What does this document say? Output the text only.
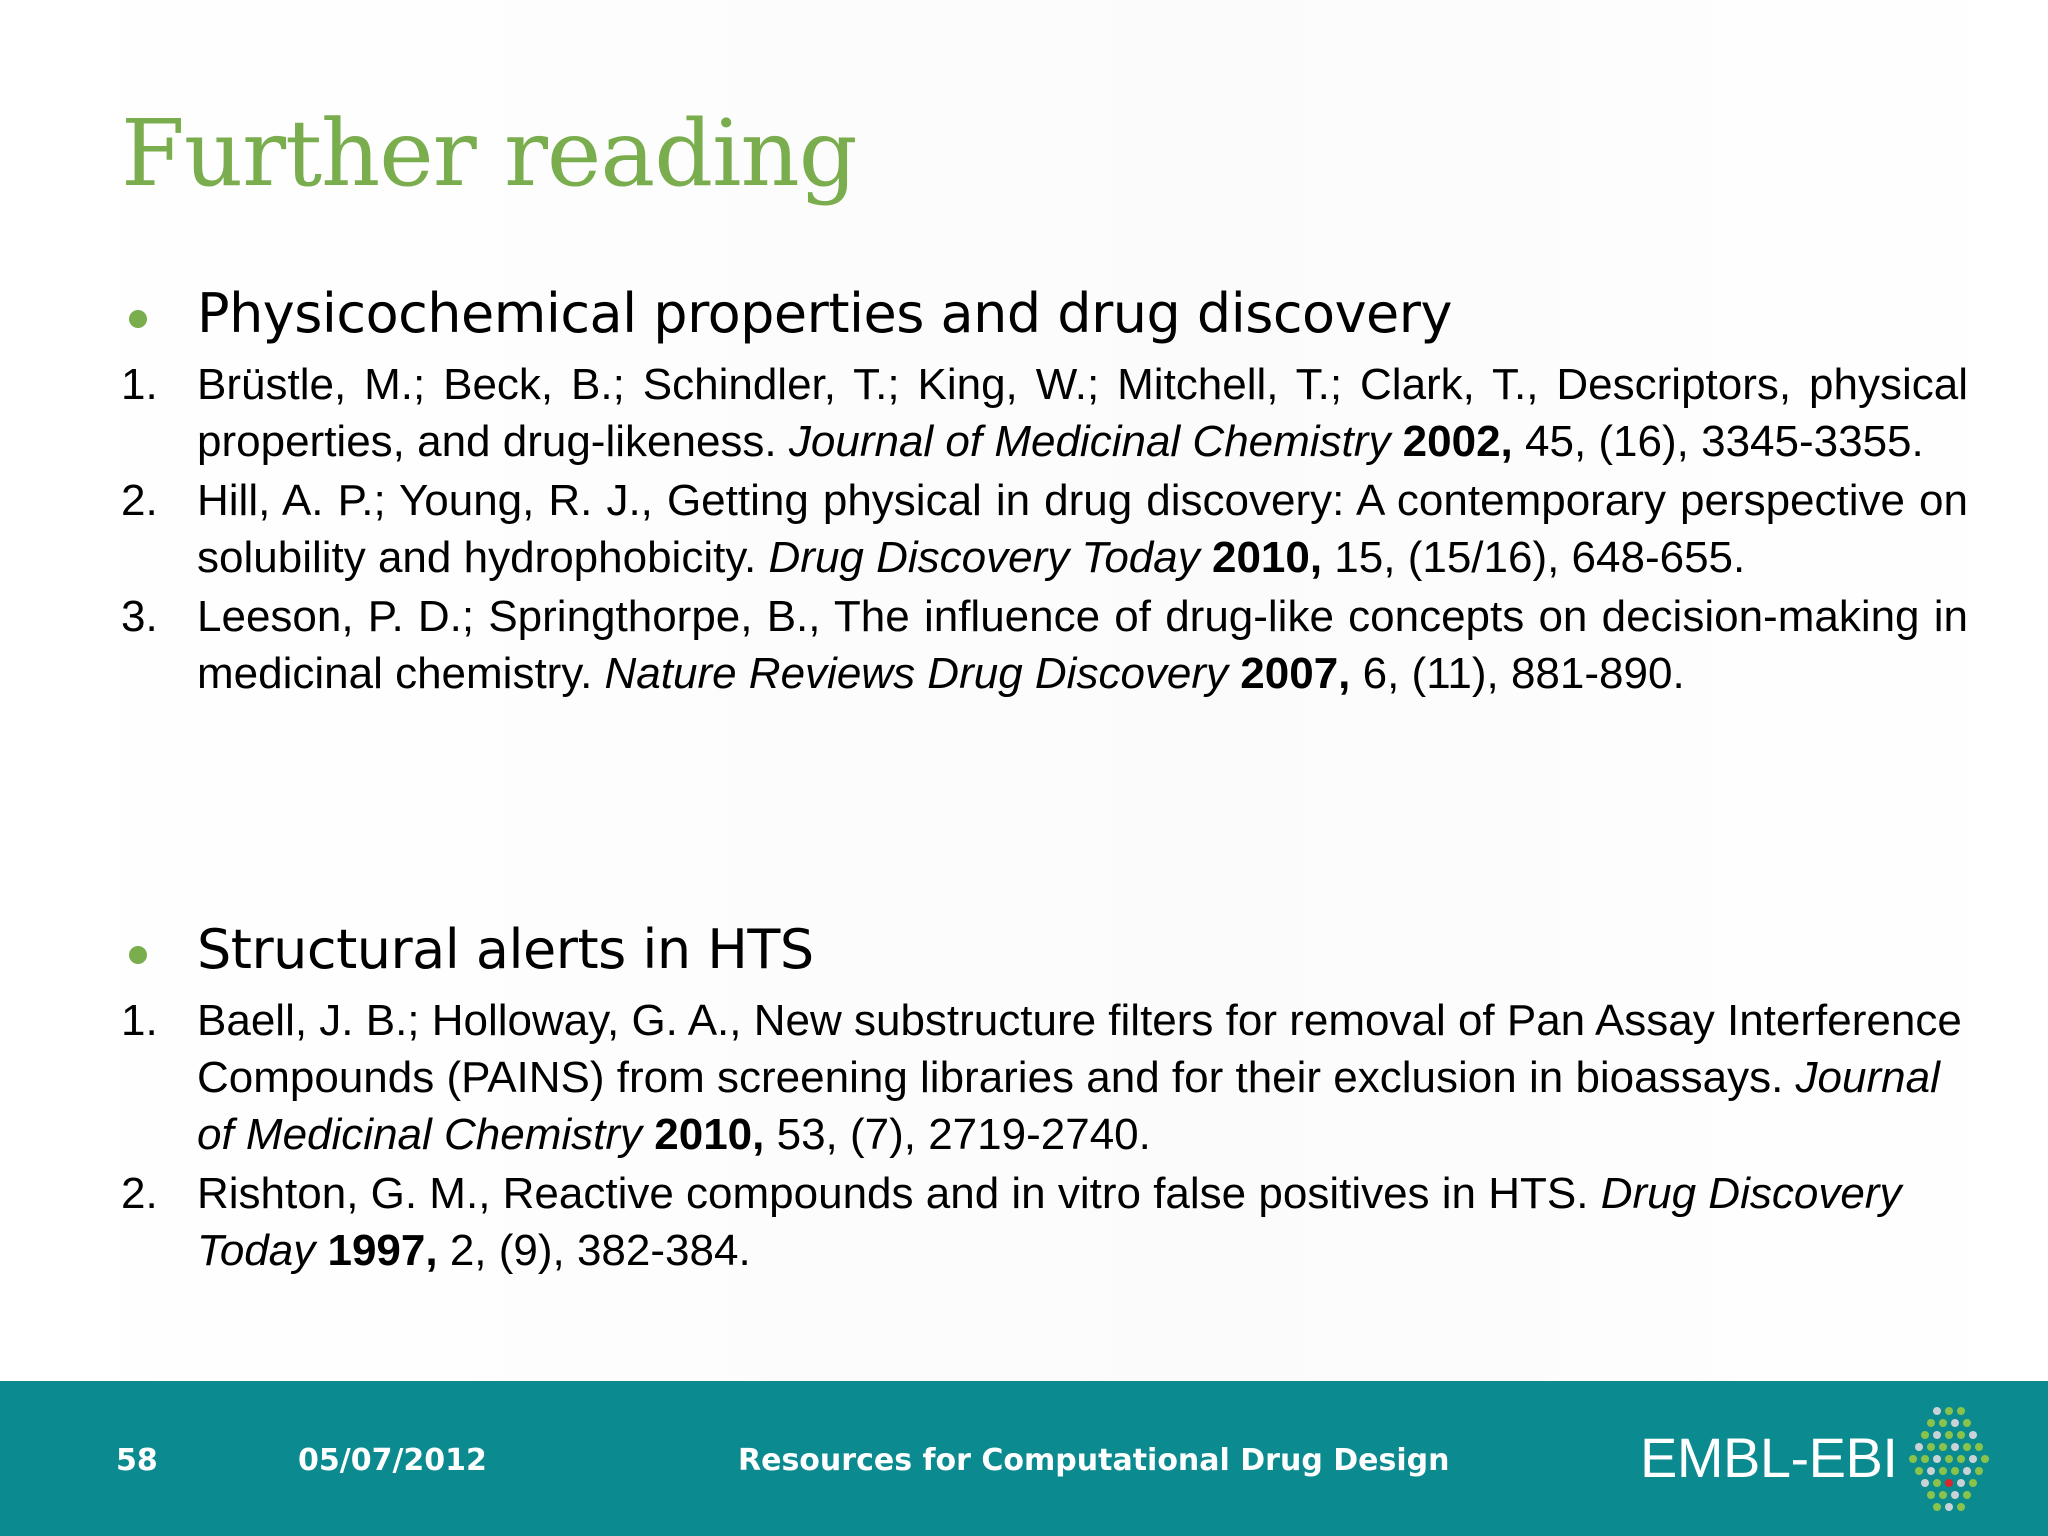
Further reading
Physicochemical properties and drug discovery
1. Brüstle, M.; Beck, B.; Schindler, T.; King, W.; Mitchell, T.; Clark, T., Descriptors, physical properties, and drug-likeness. Journal of Medicinal Chemistry 2002, 45, (16), 3345-3355.
2. Hill, A. P.; Young, R. J., Getting physical in drug discovery: A contemporary perspective on solubility and hydrophobicity. Drug Discovery Today 2010, 15, (15/16), 648-655.
3. Leeson, P. D.; Springthorpe, B., The influence of drug-like concepts on decision-making in medicinal chemistry. Nature Reviews Drug Discovery 2007, 6, (11), 881-890.
Structural alerts in HTS
1. Baell, J. B.; Holloway, G. A., New substructure filters for removal of Pan Assay Interference Compounds (PAINS) from screening libraries and for their exclusion in bioassays. Journal of Medicinal Chemistry 2010, 53, (7), 2719-2740.
2. Rishton, G. M., Reactive compounds and in vitro false positives in HTS. Drug Discovery Today 1997, 2, (9), 382-384.
58	05/07/2012	Resources for Computational Drug Design	EMBL-EBI
